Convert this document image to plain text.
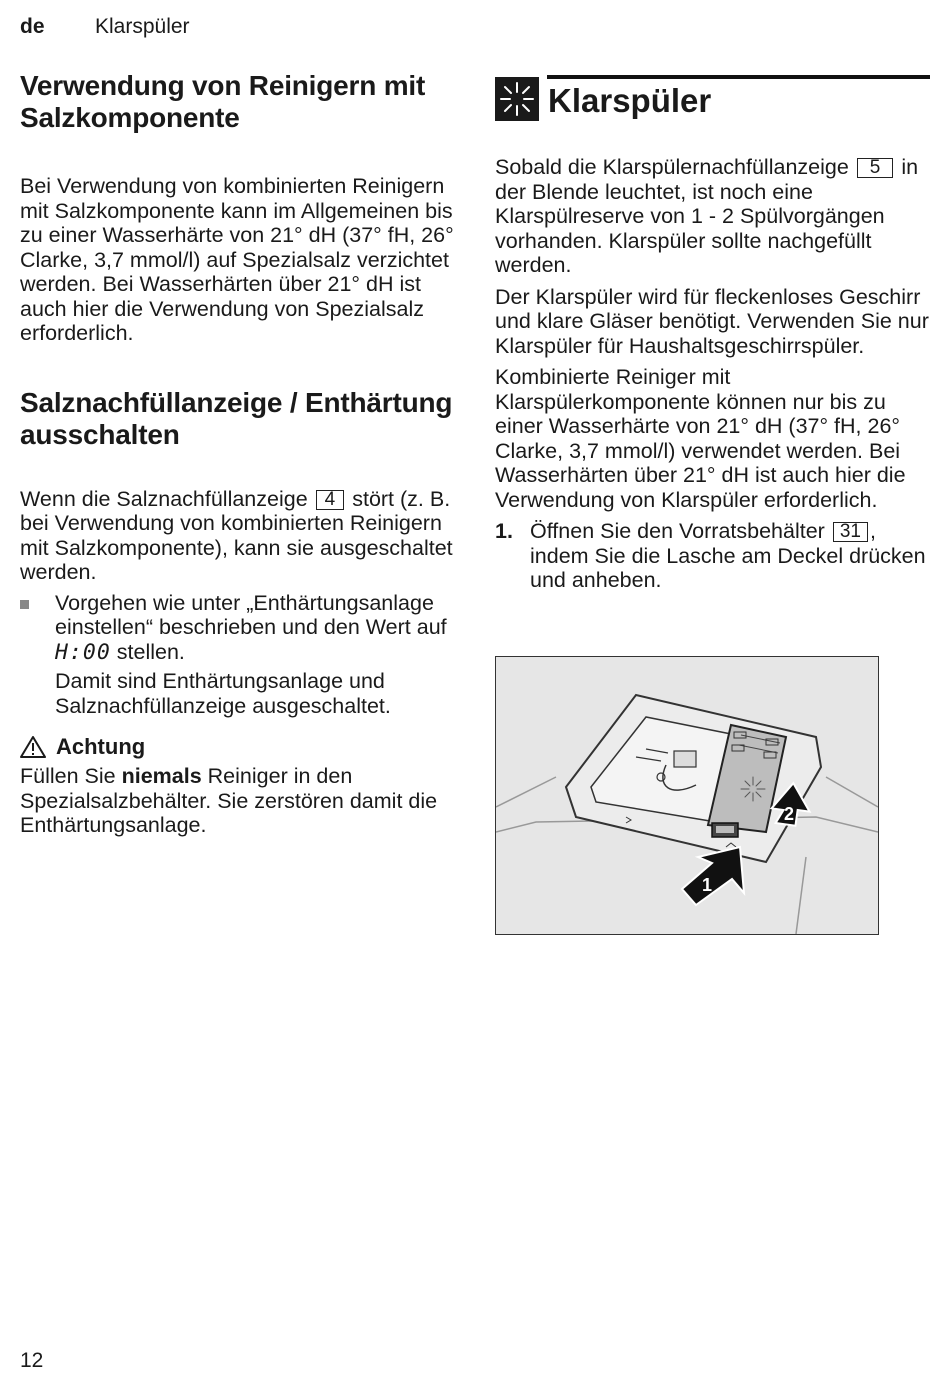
de Klarspüler
Verwendung von Reinigern mit Salzkomponente

Bei Verwendung von kombinierten Reinigern mit Salzkomponente kann im Allgemeinen bis zu einer Wasserhärte von 21° dH (37° fH, 26° Clarke, 3,7 mmol/l) auf Spezialsalz verzichtet werden. Bei Wasserhärten über 21° dH ist auch hier die Verwendung von Spezialsalz erforderlich.

Salznachfüllanzeige / Enthärtung ausschalten

Wenn die Salznachfüllanzeige 4 stört (z. B. bei Verwendung von kombinierten Reinigern mit Salzkomponente), kann sie ausgeschaltet werden.

Vorgehen wie unter „Enthärtungsanlage einstellen“ beschrieben und den Wert auf H:00 stellen.

Damit sind Enthärtungsanlage und Salznachfüllanzeige ausgeschaltet.

Achtung

Füllen Sie niemals Reiniger in den Spezialsalzbehälter. Sie zerstören damit die Enthärtungsanlage.

Klarspüler

Sobald die Klarspülernachfüllanzeige 5 in der Blende leuchtet, ist noch eine Klarspülreserve von 1 - 2 Spülvorgängen vorhanden. Klarspüler sollte nachgefüllt werden.

Der Klarspüler wird für fleckenloses Geschirr und klare Gläser benötigt. Verwenden Sie nur Klarspüler für Haushaltsgeschirrspüler.

Kombinierte Reiniger mit Klarspülerkomponente können nur bis zu einer Wasserhärte von 21° dH (37° fH, 26° Clarke, 3,7 mmol/l) verwendet werden. Bei Wasserhärten über 21° dH ist auch hier die Verwendung von Klarspüler erforderlich.

1. Öffnen Sie den Vorratsbehälter 31 , indem Sie die Lasche am Deckel drücken und anheben.

1
2
12
